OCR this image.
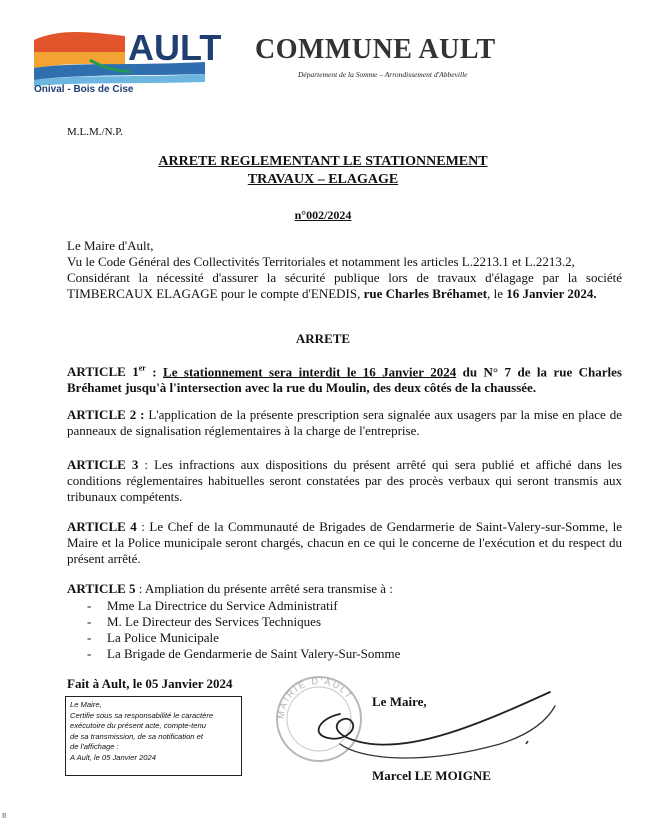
AULT
Onival - Bois de Cise
COMMUNE AULT
Département de la Somme – Arrondissement d'Abbeville
M.L.M./N.P.
ARRETE REGLEMENTANT LE STATIONNEMENT
TRAVAUX – ELAGAGE
n°002/2024
Le Maire d'Ault,
Vu le Code Général des Collectivités Territoriales et notamment les articles L.2213.1 et L.2213.2,
Considérant la nécessité d'assurer la sécurité publique lors de travaux d'élagage par la société TIMBERCAUX ELAGAGE pour le compte d'ENEDIS, rue Charles Bréhamet, le 16 Janvier 2024.
ARRETE
ARTICLE 1er : Le stationnement sera interdit le 16 Janvier 2024 du N° 7 de la rue Charles Bréhamet jusqu'à l'intersection avec la rue du Moulin, des deux côtés de la chaussée.
ARTICLE 2 : L'application de la présente prescription sera signalée aux usagers par la mise en place de panneaux de signalisation réglementaires à la charge de l'entreprise.
ARTICLE 3 : Les infractions aux dispositions du présent arrêté qui sera publié et affiché dans les conditions réglementaires habituelles seront constatées par des procès verbaux qui seront transmis aux tribunaux compétents.
ARTICLE 4 : Le Chef de la Communauté de Brigades de Gendarmerie de Saint-Valery-sur-Somme, le Maire et la Police municipale seront chargés, chacun en ce qui le concerne de l'exécution et du respect du présent arrêté.
ARTICLE 5 : Ampliation du présente arrêté sera transmise à :
- Mme La Directrice du Service Administratif
- M. Le Directeur des Services Techniques
- La Police Municipale
- La Brigade de Gendarmerie de Saint Valery-Sur-Somme
Fait à Ault, le 05 Janvier 2024
Le Maire,
Certifie sous sa responsabilité le caractère
exécutoire du présent acte, compte-tenu
de sa transmission, de sa notification et
de l'affichage :
A Ault, le 05 Janvier 2024
MAIRIE D'AULT Le Maire,
Marcel LE MOIGNE
R
